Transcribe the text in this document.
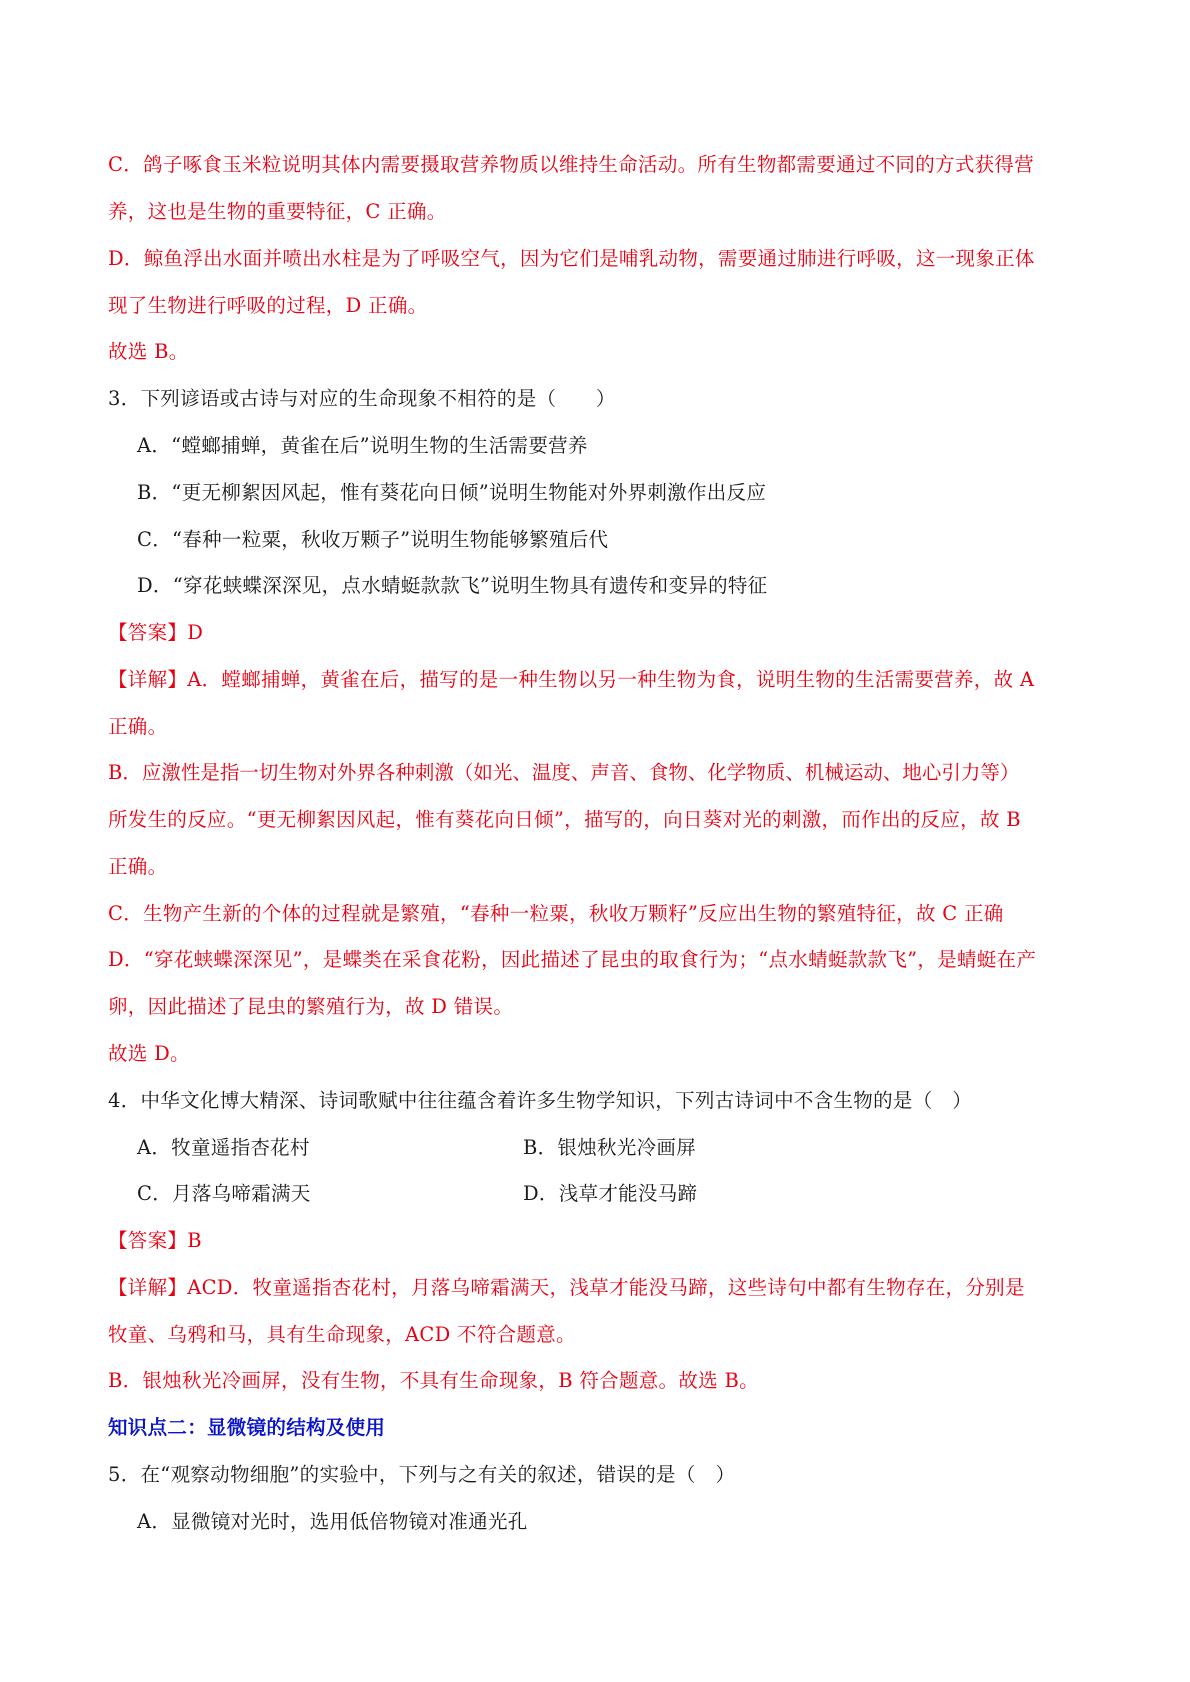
C．鸽子啄食玉米粒说明其体内需要摄取营养物质以维持生命活动。所有生物都需要通过不同的方式获得营
养，这也是生物的重要特征，C 正确。
D．鲸鱼浮出水面并喷出水柱是为了呼吸空气，因为它们是哺乳动物，需要通过肺进行呼吸，这一现象正体
现了生物进行呼吸的过程，D 正确。
故选 B。
3．下列谚语或古诗与对应的生命现象不相符的是（　　）
A．“螳螂捕蝉，黄雀在后”说明生物的生活需要营养
B．“更无柳絮因风起，惟有葵花向日倾”说明生物能对外界刺激作出反应
C．“春种一粒粟，秋收万颗子”说明生物能够繁殖后代
D．“穿花蛱蝶深深见，点水蜻蜓款款飞”说明生物具有遗传和变异的特征
【答案】D
【详解】A．螳螂捕蝉，黄雀在后，描写的是一种生物以另一种生物为食，说明生物的生活需要营养，故 A
正确。
B．应激性是指一切生物对外界各种刺激（如光、温度、声音、食物、化学物质、机械运动、地心引力等）
所发生的反应。“更无柳絮因风起，惟有葵花向日倾”，描写的，向日葵对光的刺激，而作出的反应，故 B
正确。
C．生物产生新的个体的过程就是繁殖，“春种一粒粟，秋收万颗籽”反应出生物的繁殖特征，故 C 正确
D．“穿花蛱蝶深深见”，是蝶类在采食花粉，因此描述了昆虫的取食行为；“点水蜻蜓款款飞”，是蜻蜓在产
卵，因此描述了昆虫的繁殖行为，故 D 错误。
故选 D。
4．中华文化博大精深、诗词歌赋中往往蕴含着许多生物学知识，下列古诗词中不含生物的是（　）
A．牧童遥指杏花村	B．银烛秋光冷画屏
C．月落乌啼霜满天	D．浅草才能没马蹄
【答案】B
【详解】ACD．牧童遥指杏花村，月落乌啼霜满天，浅草才能没马蹄，这些诗句中都有生物存在，分别是
牧童、乌鸦和马，具有生命现象，ACD 不符合题意。
B．银烛秋光冷画屏，没有生物，不具有生命现象，B 符合题意。故选 B。
知识点二：显微镜的结构及使用
5．在“观察动物细胞”的实验中，下列与之有关的叙述，错误的是（　）
A．显微镜对光时，选用低倍物镜对准通光孔
